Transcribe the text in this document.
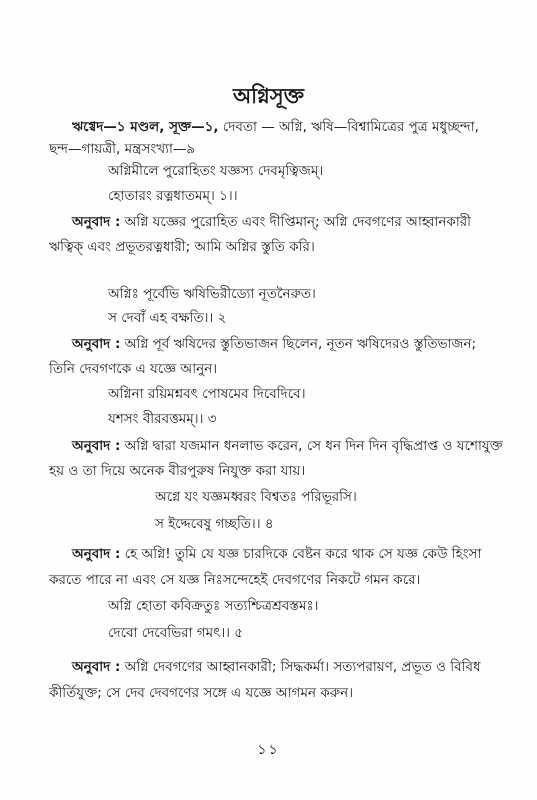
অগ্নিসূক্ত
ঋগ্বেদ—১ মণ্ডল, সূক্ত—১, দেবতা — অগ্নি, ঋষি—বিশ্বামিত্রের পুত্র মধুচ্ছন্দা,
ছন্দ—গায়ত্রী, মন্ত্রসংখ্যা—৯
অগ্নিমীলে পুরোহিতং যজ্ঞস্য দেবমৃত্বিজম্।
হোতারং রত্নধাতমম্। ১।।
অনুবাদ : অগ্নি যজ্ঞের পুরোহিত এবং দীপ্তিমান্; অগ্নি দেবগণের আহ্বানকারী
ঋত্বিক্ এবং প্রভূতরত্নধারী; আমি অগ্নির স্তুতি করি।
অগ্নিঃ পূর্বেভি ঋষিভিরীড্যো নূতনৈরুত।
স দেবাঁ এহ বক্ষতি।। ২
অনুবাদ : অগ্নি পূর্ব ঋষিদের স্তুতিভাজন ছিলেন, নূতন ঋষিদেরও স্তুতিভাজন;
তিনি দেবগণকে এ যজ্ঞে আনুন।
অগ্নিনা রয়িমশ্নবৎ পোষমেব দিবেদিবে।
যশসং বীরবত্তমম্।। ৩
অনুবাদ : অগ্নি দ্বারা যজমান ধনলাভ করেন, সে ধন দিন দিন বৃদ্ধিপ্রাপ্ত ও যশোযুক্ত
হয় ও তা দিয়ে অনেক বীরপুরুষ নিযুক্ত করা যায়।
অগ্নে যং যজ্ঞমধ্বরং বিশ্বতঃ পরিভূরসি।
স ইদ্দেবেষু গচ্ছতি।। ৪
অনুবাদ : হে অগ্নি! তুমি যে যজ্ঞ চারদিকে বেষ্টন করে থাক সে যজ্ঞ কেউ হিংসা
করতে পারে না এবং সে যজ্ঞ নিঃসন্দেহেই দেবগণের নিকটে গমন করে।
অগ্নি হোতা কবিক্রতুঃ সত্যশ্চিত্রশ্রবস্তমঃ।
দেবো দেবেভিরা গমৎ।। ৫
অনুবাদ : অগ্নি দেবগণের আহ্বানকারী; সিদ্ধকর্মা। সত্যপরায়ণ, প্রভূত ও বিবিধ
কীর্তিযুক্ত; সে দেব দেবগণের সঙ্গে এ যজ্ঞে আগমন করুন।
১১
